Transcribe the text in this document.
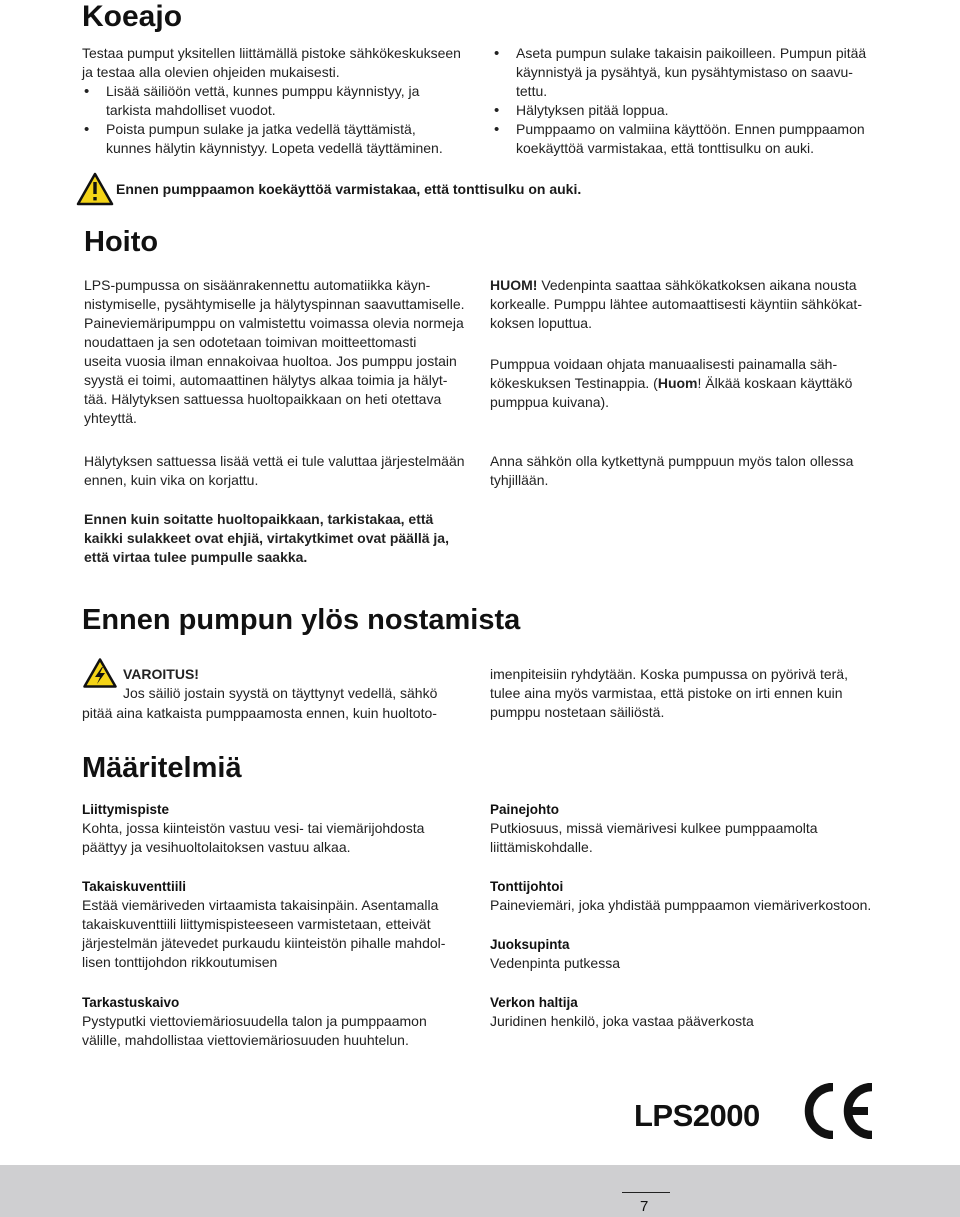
Koeajo

Testaa pumput yksitellen liittämällä pistoke sähkökeskukseen

ja testaa alla olevien ohjeiden mukaisesti.

• Lisää säiliöön vettä, kunnes pumppu käynnistyy, ja
tarkista mahdolliset vuodot.
• Poista pumpun sulake ja jatka vedellä täyttämistä,
kunnes hälytin käynnistyy. Lopeta vedellä täyttäminen.
• Aseta pumpun sulake takaisin paikoilleen. Pumpun pitää
käynnistyä ja pysähtyä, kun pysähtymistaso on saavu-
tettu.
• Hälytyksen pitää loppua.
• Pumppaamo on valmiina käyttöön. Ennen pumppaamon
koekäyttöä varmistakaa, että tonttisulku on auki.
Ennen pumppaamon koekäyttöä varmistakaa, että tonttisulku on auki.
Hoito

LPS-pumpussa on sisäänrakennettu automatiikka käyn-

nistymiselle, pysähtymiselle ja hälytyspinnan saavuttamiselle.

Paineviemäripumppu on valmistettu voimassa olevia normeja

noudattaen ja sen odotetaan toimivan moitteettomasti

useita vuosia ilman ennakoivaa huoltoa. Jos pumppu jostain

syystä ei toimi, automaattinen hälytys alkaa toimia ja hälyt-

tää. Hälytyksen sattuessa huoltopaikkaan on heti otettava

yhteyttä.

Hälytyksen sattuessa lisää vettä ei tule valuttaa järjestelmään

ennen, kuin vika on korjattu.

HUOM! Vedenpinta saattaa sähkökatkoksen aikana nousta

korkealle. Pumppu lähtee automaattisesti käyntiin sähkökat-

koksen loputtua.

Pumppua voidaan ohjata manuaalisesti painamalla säh-

kökeskuksen Testinappia. (Huom! Älkää koskaan käyttäkö

pumppua kuivana).

Anna sähkön olla kytkettynä pumppuun myös talon ollessa

tyhjillään.

Ennen kuin soitatte huoltopaikkaan, tarkistakaa, että

kaikki sulakkeet ovat ehjiä, virtakytkimet ovat päällä ja,

että virtaa tulee pumpulle saakka.

Ennen pumpun ylös nostamista
VAROITUS!
Jos säiliö jostain syystä on täyttynyt vedellä, sähkö
pitää aina katkaista pumppaamosta ennen, kuin huoltoto-

imenpiteisiin ryhdytään. Koska pumpussa on pyörivä terä,

tulee aina myös varmistaa, että pistoke on irti ennen kuin

pumppu nostetaan säiliöstä.

Määritelmiä
Liittymispiste
Kohta, jossa kiinteistön vastuu vesi- tai viemärijohdosta
päättyy ja vesihuoltolaitoksen vastuu alkaa.
Takaiskuventtiili
Estää viemäriveden virtaamista takaisinpäin. Asentamalla
takaiskuventtiili liittymispisteeseen varmistetaan, etteivät
järjestelmän jätevedet purkaudu kiinteistön pihalle mahdol-
lisen tonttijohdon rikkoutumisen
Tarkastuskaivo
Pystyputki viettoviemäriosuudella talon ja pumppaamon
välille, mahdollistaa viettoviemäriosuuden huuhtelun.
Painejohto
Putkiosuus, missä viemärivesi kulkee pumppaamolta
liittämiskohdalle.
Tonttijohtoi
Paineviemäri, joka yhdistää pumppaamon viemäriverkostoon.
Juoksupinta
Vedenpinta putkessa
Verkon haltija
Juridinen henkilö, joka vastaa pääverkosta
LPS2000
7
